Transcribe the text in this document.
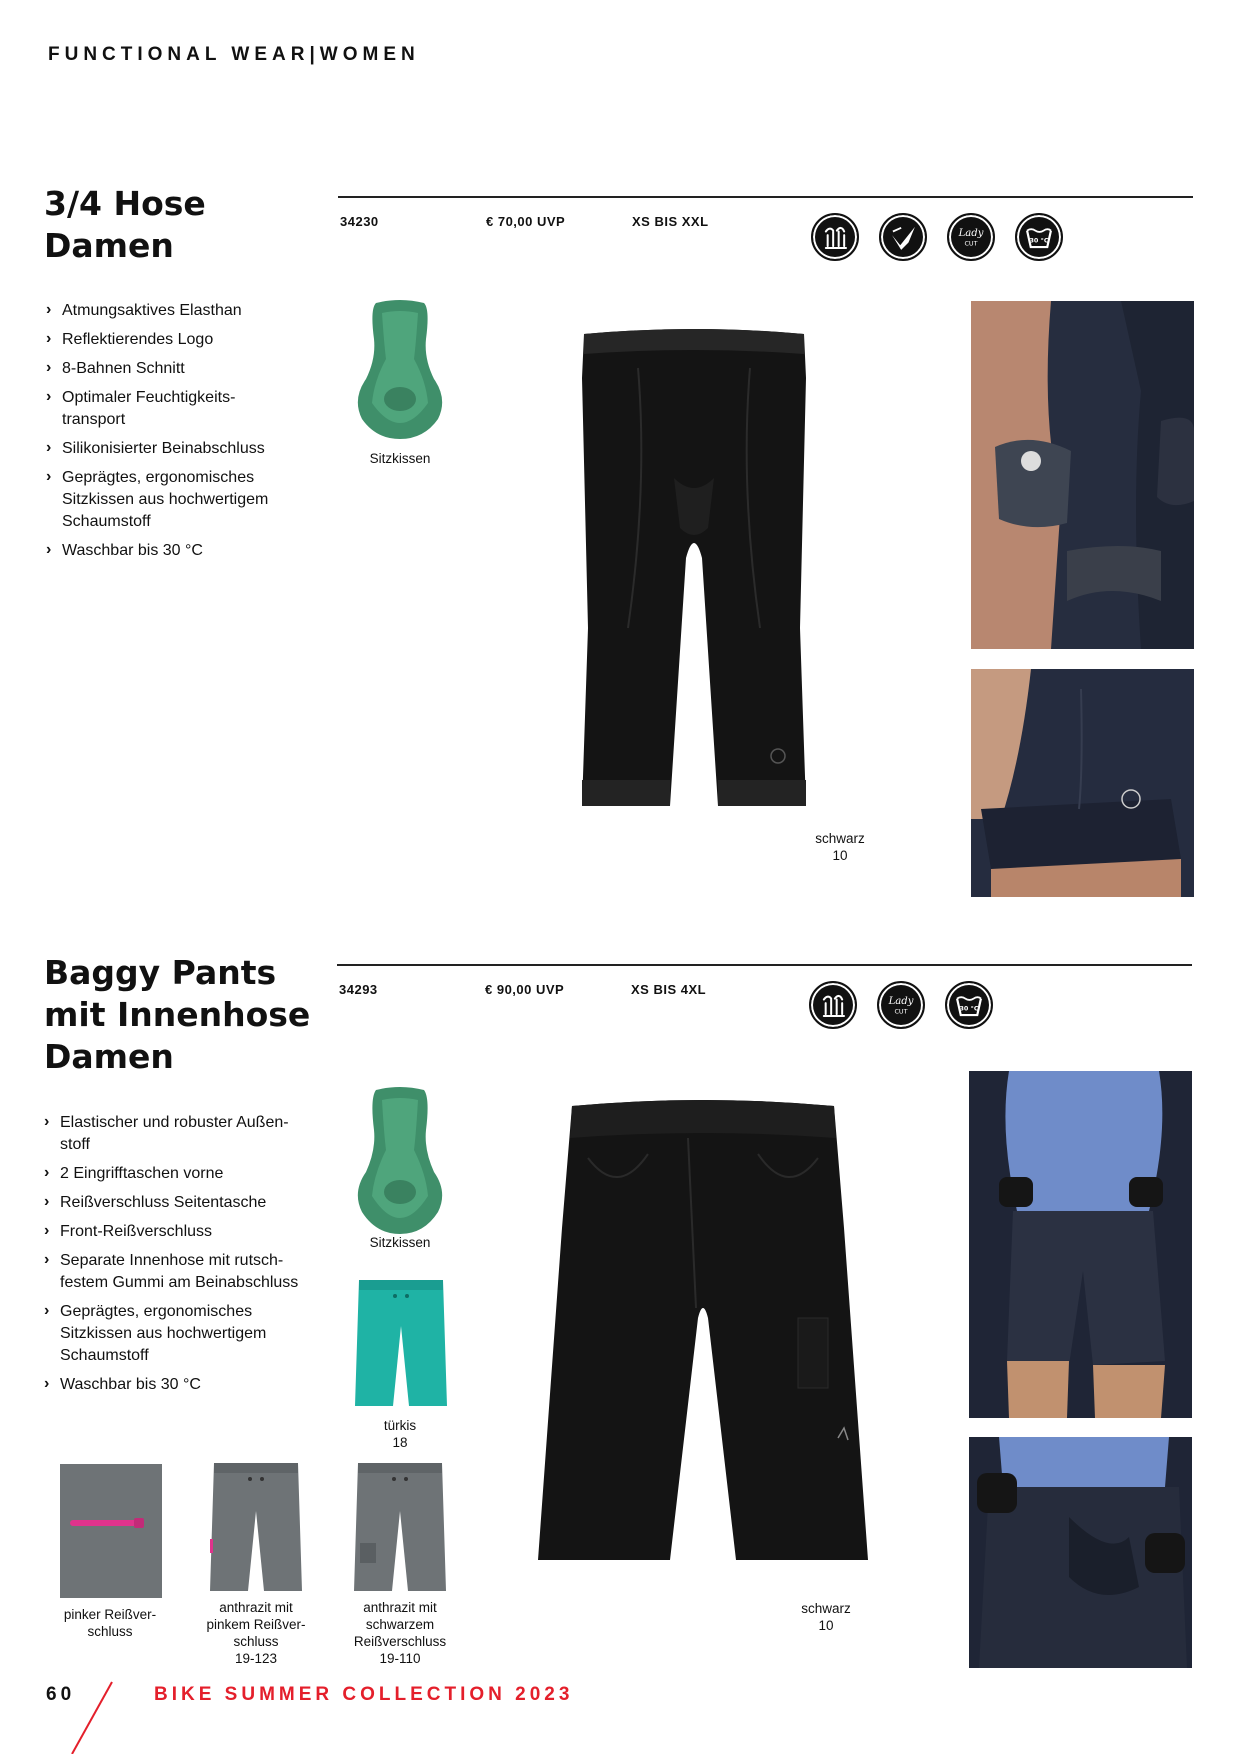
FUNCTIONAL WEAR|WOMEN
3/4 Hose
Damen
34230	€ 70,00 UVP	XS BIS XXL
Lady
CUT	30 °C
› Atmungsaktives Elasthan
› Reflektierendes Logo
› 8-Bahnen Schnitt
› Optimaler Feuchtigkeits-
transport
› Silikonisierter Beinabschluss
› Geprägtes, ergonomisches
Sitzkissen aus hochwertigem
Schaumstoff
› Waschbar bis 30 °C
Sitzkissen
schwarz
10
Baggy Pants
mit Innenhose
Damen
34293	€ 90,00 UVP	XS BIS 4XL
Lady
CUT	30 °C
› Elastischer und robuster Außen-
stoff
› 2 Eingrifftaschen vorne
› Reißverschluss Seitentasche
› Front-Reißverschluss
› Separate Innenhose mit rutsch-
festem Gummi am Beinabschluss
› Geprägtes, ergonomisches
Sitzkissen aus hochwertigem
Schaumstoff
› Waschbar bis 30 °C
Sitzkissen
türkis
18
pinker Reißver-
schluss
anthrazit mit
pinkem Reißver-
schluss
19-123
anthrazit mit
schwarzem
Reißverschluss
19-110
schwarz
10
60	BIKE SUMMER COLLECTION 2023
